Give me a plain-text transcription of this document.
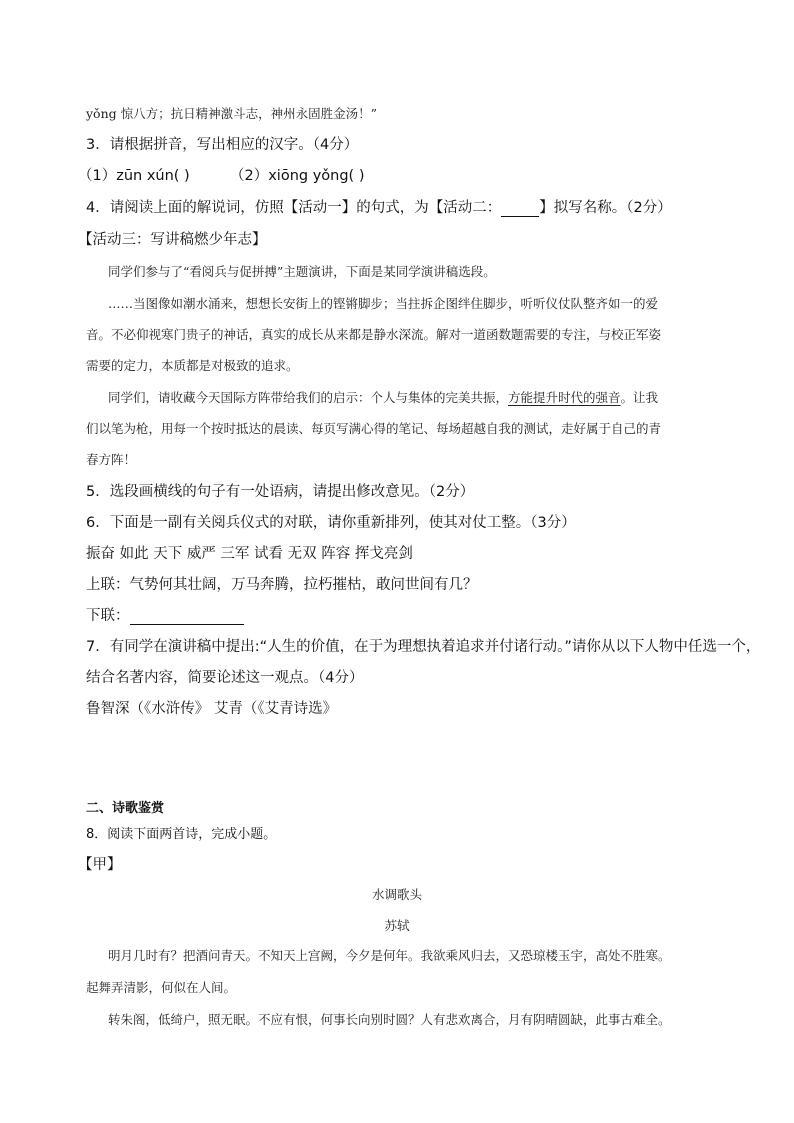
yǒng 惊八方；抗日精神激斗志，神州永固胜金汤！”
3．请根据拼音，写出相应的汉字。（4分）
（1）zūn xún( )	（2）xiōng yǒng( )
4．请阅读上面的解说词，仿照【活动一】的句式，为【活动二：	】拟写名称。（2分）
【活动三：写讲稿燃少年志】
同学们参与了“看阅兵与促拼搏”主题演讲，下面是某同学演讲稿选段。
……当图像如潮水涌来，想想长安街上的铿锵脚步；当拄拆企图绊住脚步，听听仪仗队整齐如一的爱
音。不必仰视寒门贵子的神话，真实的成长从来都是静水深流。解对一道函数题需要的专注，与校正军姿
需要的定力，本质都是对极致的追求。
同学们，请收藏今天国际方阵带给我们的启示：个人与集体的完美共振，方能提升时代的强音。让我
们以笔为枪，用每一个按时抵达的晨读、每页写满心得的笔记、每场超越自我的测试，走好属于自己的青
春方阵！
5．选段画横线的句子有一处语病，请提出修改意见。（2分）
6．下面是一副有关阅兵仪式的对联，请你重新排列，使其对仗工整。（3分）
振奋 如此 天下 威严 三军 试看 无双 阵容 挥戈亮剑
上联：气势何其壮阔，万马奔腾，拉朽摧枯，敢问世间有几？
下联：
7．有同学在演讲稿中提出:“人生的价值，在于为理想执着追求并付诸行动。”请你从以下人物中任选一个，
结合名著内容，简要论述这一观点。（4分）
鲁智深（《水浒传》 艾青（《艾青诗选》
二、诗歌鉴赏
8．阅读下面两首诗，完成小题。
【甲】
水调歌头
苏轼
明月几时有？把酒问青天。不知天上宫阙，今夕是何年。我欲乘风归去，又恐琼楼玉宇，高处不胜寒。
起舞弄清影，何似在人间。
转朱阁，低绮户，照无眠。不应有恨，何事长向别时圆？人有悲欢离合，月有阴晴圆缺，此事古难全。
